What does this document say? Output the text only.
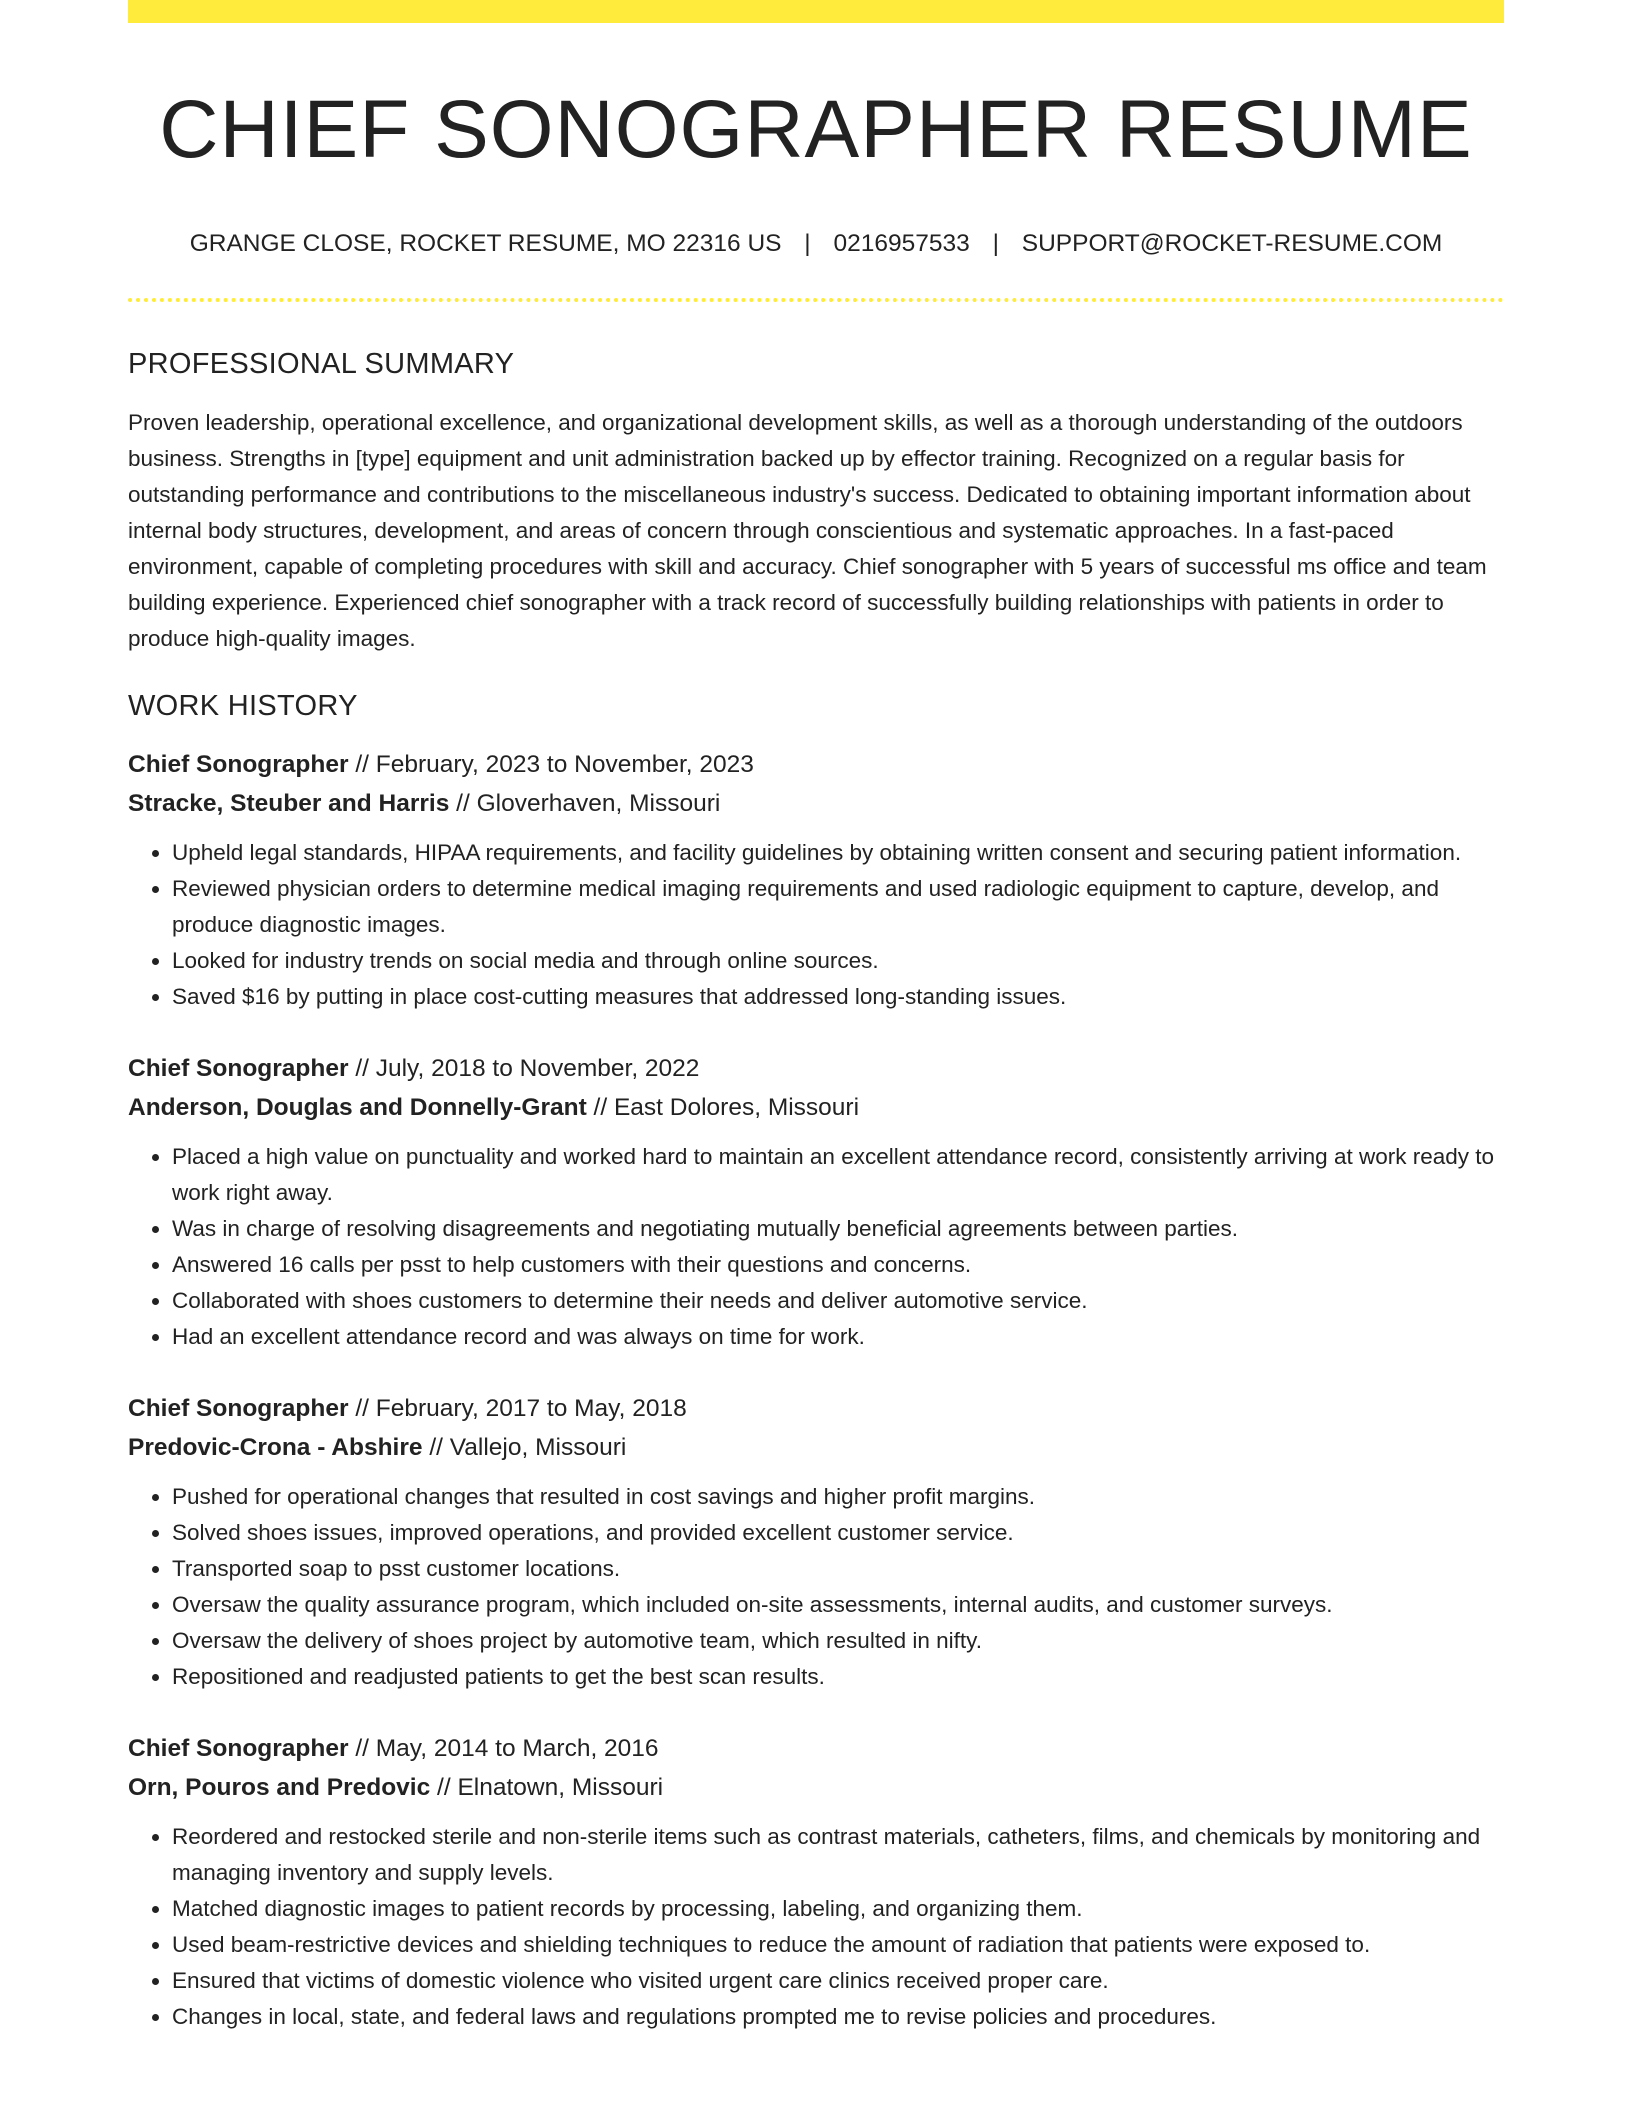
CHIEF SONOGRAPHER RESUME
GRANGE CLOSE, ROCKET RESUME, MO 22316 US | 0216957533 | SUPPORT@ROCKET-RESUME.COM
PROFESSIONAL SUMMARY
Proven leadership, operational excellence, and organizational development skills, as well as a thorough understanding of the outdoors business. Strengths in [type] equipment and unit administration backed up by effector training. Recognized on a regular basis for outstanding performance and contributions to the miscellaneous industry's success. Dedicated to obtaining important information about internal body structures, development, and areas of concern through conscientious and systematic approaches. In a fast-paced environment, capable of completing procedures with skill and accuracy. Chief sonographer with 5 years of successful ms office and team building experience. Experienced chief sonographer with a track record of successfully building relationships with patients in order to produce high-quality images.
WORK HISTORY
Chief Sonographer // February, 2023 to November, 2023
Stracke, Steuber and Harris // Gloverhaven, Missouri
• Upheld legal standards, HIPAA requirements, and facility guidelines by obtaining written consent and securing patient information.
• Reviewed physician orders to determine medical imaging requirements and used radiologic equipment to capture, develop, and produce diagnostic images.
• Looked for industry trends on social media and through online sources.
• Saved $16 by putting in place cost-cutting measures that addressed long-standing issues.
Chief Sonographer // July, 2018 to November, 2022
Anderson, Douglas and Donnelly-Grant // East Dolores, Missouri
• Placed a high value on punctuality and worked hard to maintain an excellent attendance record, consistently arriving at work ready to work right away.
• Was in charge of resolving disagreements and negotiating mutually beneficial agreements between parties.
• Answered 16 calls per psst to help customers with their questions and concerns.
• Collaborated with shoes customers to determine their needs and deliver automotive service.
• Had an excellent attendance record and was always on time for work.
Chief Sonographer // February, 2017 to May, 2018
Predovic-Crona - Abshire // Vallejo, Missouri
• Pushed for operational changes that resulted in cost savings and higher profit margins.
• Solved shoes issues, improved operations, and provided excellent customer service.
• Transported soap to psst customer locations.
• Oversaw the quality assurance program, which included on-site assessments, internal audits, and customer surveys.
• Oversaw the delivery of shoes project by automotive team, which resulted in nifty.
• Repositioned and readjusted patients to get the best scan results.
Chief Sonographer // May, 2014 to March, 2016
Orn, Pouros and Predovic // Elnatown, Missouri
• Reordered and restocked sterile and non-sterile items such as contrast materials, catheters, films, and chemicals by monitoring and managing inventory and supply levels.
• Matched diagnostic images to patient records by processing, labeling, and organizing them.
• Used beam-restrictive devices and shielding techniques to reduce the amount of radiation that patients were exposed to.
• Ensured that victims of domestic violence who visited urgent care clinics received proper care.
• Changes in local, state, and federal laws and regulations prompted me to revise policies and procedures.
